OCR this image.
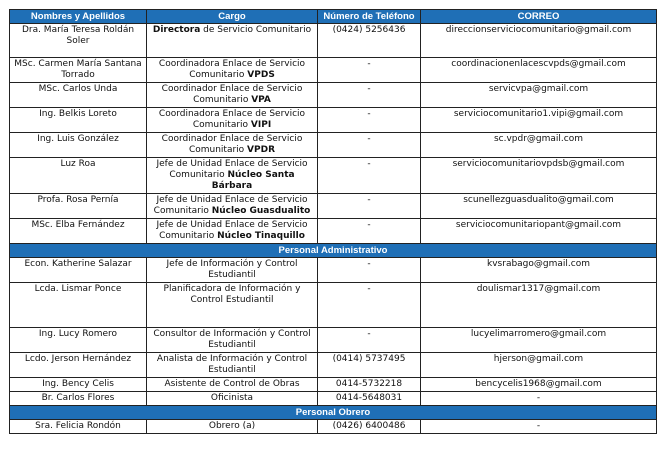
Nombres y Apellidos	Cargo	Número de Teléfono	CORREO
Dra. María Teresa Roldán Soler	Directora de Servicio Comunitario	(0424) 5256436	direccionserviciocomunitario@gmail.com
MSc. Carmen María Santana Torrado	Coordinadora Enlace de Servicio Comunitario VPDS	-	coordinacionenlacescvpds@gmail.com
MSc. Carlos Unda	Coordinador Enlace de Servicio Comunitario VPA	-	servicvpa@gmail.com
Ing. Belkis Loreto	Coordinadora Enlace de Servicio Comunitario VIPI	-	serviciocomunitario1.vipi@gmail.com
Ing. Luis González	Coordinador Enlace de Servicio Comunitario VPDR	-	sc.vpdr@gmail.com
Luz Roa	Jefe de Unidad Enlace de Servicio Comunitario Núcleo Santa Bárbara	-	serviciocomunitariovpdsb@gmail.com
Profa. Rosa Pernía	Jefe de Unidad Enlace de Servicio Comunitario Núcleo Guasdualito	-	scunellezguasdualito@gmail.com
MSc. Elba Fernández	Jefe de Unidad Enlace de Servicio Comunitario Núcleo Tinaquillo	-	serviciocomunitariopant@gmail.com
Personal Administrativo			
Econ. Katherine Salazar	Jefe de Información y Control Estudiantil	-	kvsrabago@gmail.com
Lcda. Lismar Ponce	Planificadora de Información y Control Estudiantil	-	doulismar1317@gmail.com
Ing. Lucy Romero	Consultor de Información y Control Estudiantil	-	lucyelimarromero@gmail.com
Lcdo. Jerson Hernández	Analista de Información y Control Estudiantil	(0414) 5737495	hjerson@gmail.com
Ing. Bency Celis	Asistente de Control de Obras	0414-5732218	bencycelis1968@gmail.com
Br. Carlos Flores	Oficinista	0414-5648031	-
Personal Obrero			
Sra. Felicia Rondón	Obrero (a)	(0426) 6400486	-
